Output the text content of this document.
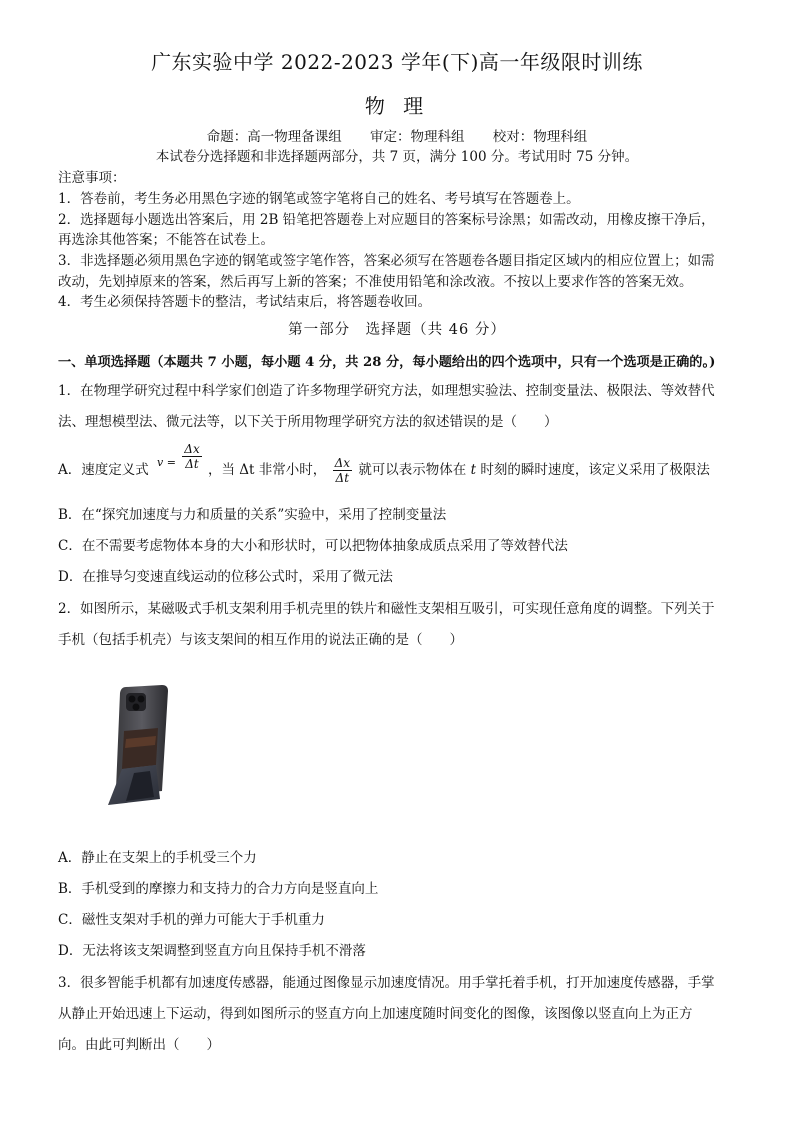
广东实验中学 2022-2023 学年(下)高一年级限时训练
物 理
命题：高一物理备课组 审定：物理科组 校对：物理科组
本试卷分选择题和非选择题两部分，共 7 页，满分 100 分。考试用时 75 分钟。
注意事项：
1．答卷前，考生务必用黑色字迹的钢笔或签字笔将自己的姓名、考号填写在答题卷上。
2．选择题每小题选出答案后，用 2B 铅笔把答题卷上对应题目的答案标号涂黑；如需改动，用橡皮擦干净后，
再选涂其他答案；不能答在试卷上。
3．非选择题必须用黑色字迹的钢笔或签字笔作答，答案必须写在答题卷各题目指定区域内的相应位置上；如需
改动，先划掉原来的答案，然后再写上新的答案；不准使用铅笔和涂改液。不按以上要求作答的答案无效。
4．考生必须保持答题卡的整洁，考试结束后，将答题卷收回。
第一部分　选择题（共 46 分）
一、单项选择题（本题共 7 小题，每小题 4 分，共 28 分，每小题给出的四个选项中，只有一个选项是正确的。)
1．在物理学研究过程中科学家们创造了许多物理学研究方法，如理想实验法、控制变量法、极限法、等效替代
法、理想模型法、微元法等，以下关于所用物理学研究方法的叙述错误的是（　　）
A．速度定义式 $^{v =} \frac{\Delta x}{\Delta t}$ ，当 Δt 非常小时， $\frac{\Delta x}{\Delta t}$ 就可以表示物体在 t 时刻的瞬时速度，该定义采用了极限法
B．在“探究加速度与力和质量的关系”实验中，采用了控制变量法
C．在不需要考虑物体本身的大小和形状时，可以把物体抽象成质点采用了等效替代法
D．在推导匀变速直线运动的位移公式时，采用了微元法
2．如图所示，某磁吸式手机支架利用手机壳里的铁片和磁性支架相互吸引，可实现任意角度的调整。下列关于
手机（包括手机壳）与该支架间的相互作用的说法正确的是（　　）
A．静止在支架上的手机受三个力
B．手机受到的摩擦力和支持力的合力方向是竖直向上
C．磁性支架对手机的弹力可能大于手机重力
D．无法将该支架调整到竖直方向且保持手机不滑落
3．很多智能手机都有加速度传感器，能通过图像显示加速度情况。用手掌托着手机，打开加速度传感器，手掌
从静止开始迅速上下运动，得到如图所示的竖直方向上加速度随时间变化的图像，该图像以竖直向上为正方
向。由此可判断出（　　）
